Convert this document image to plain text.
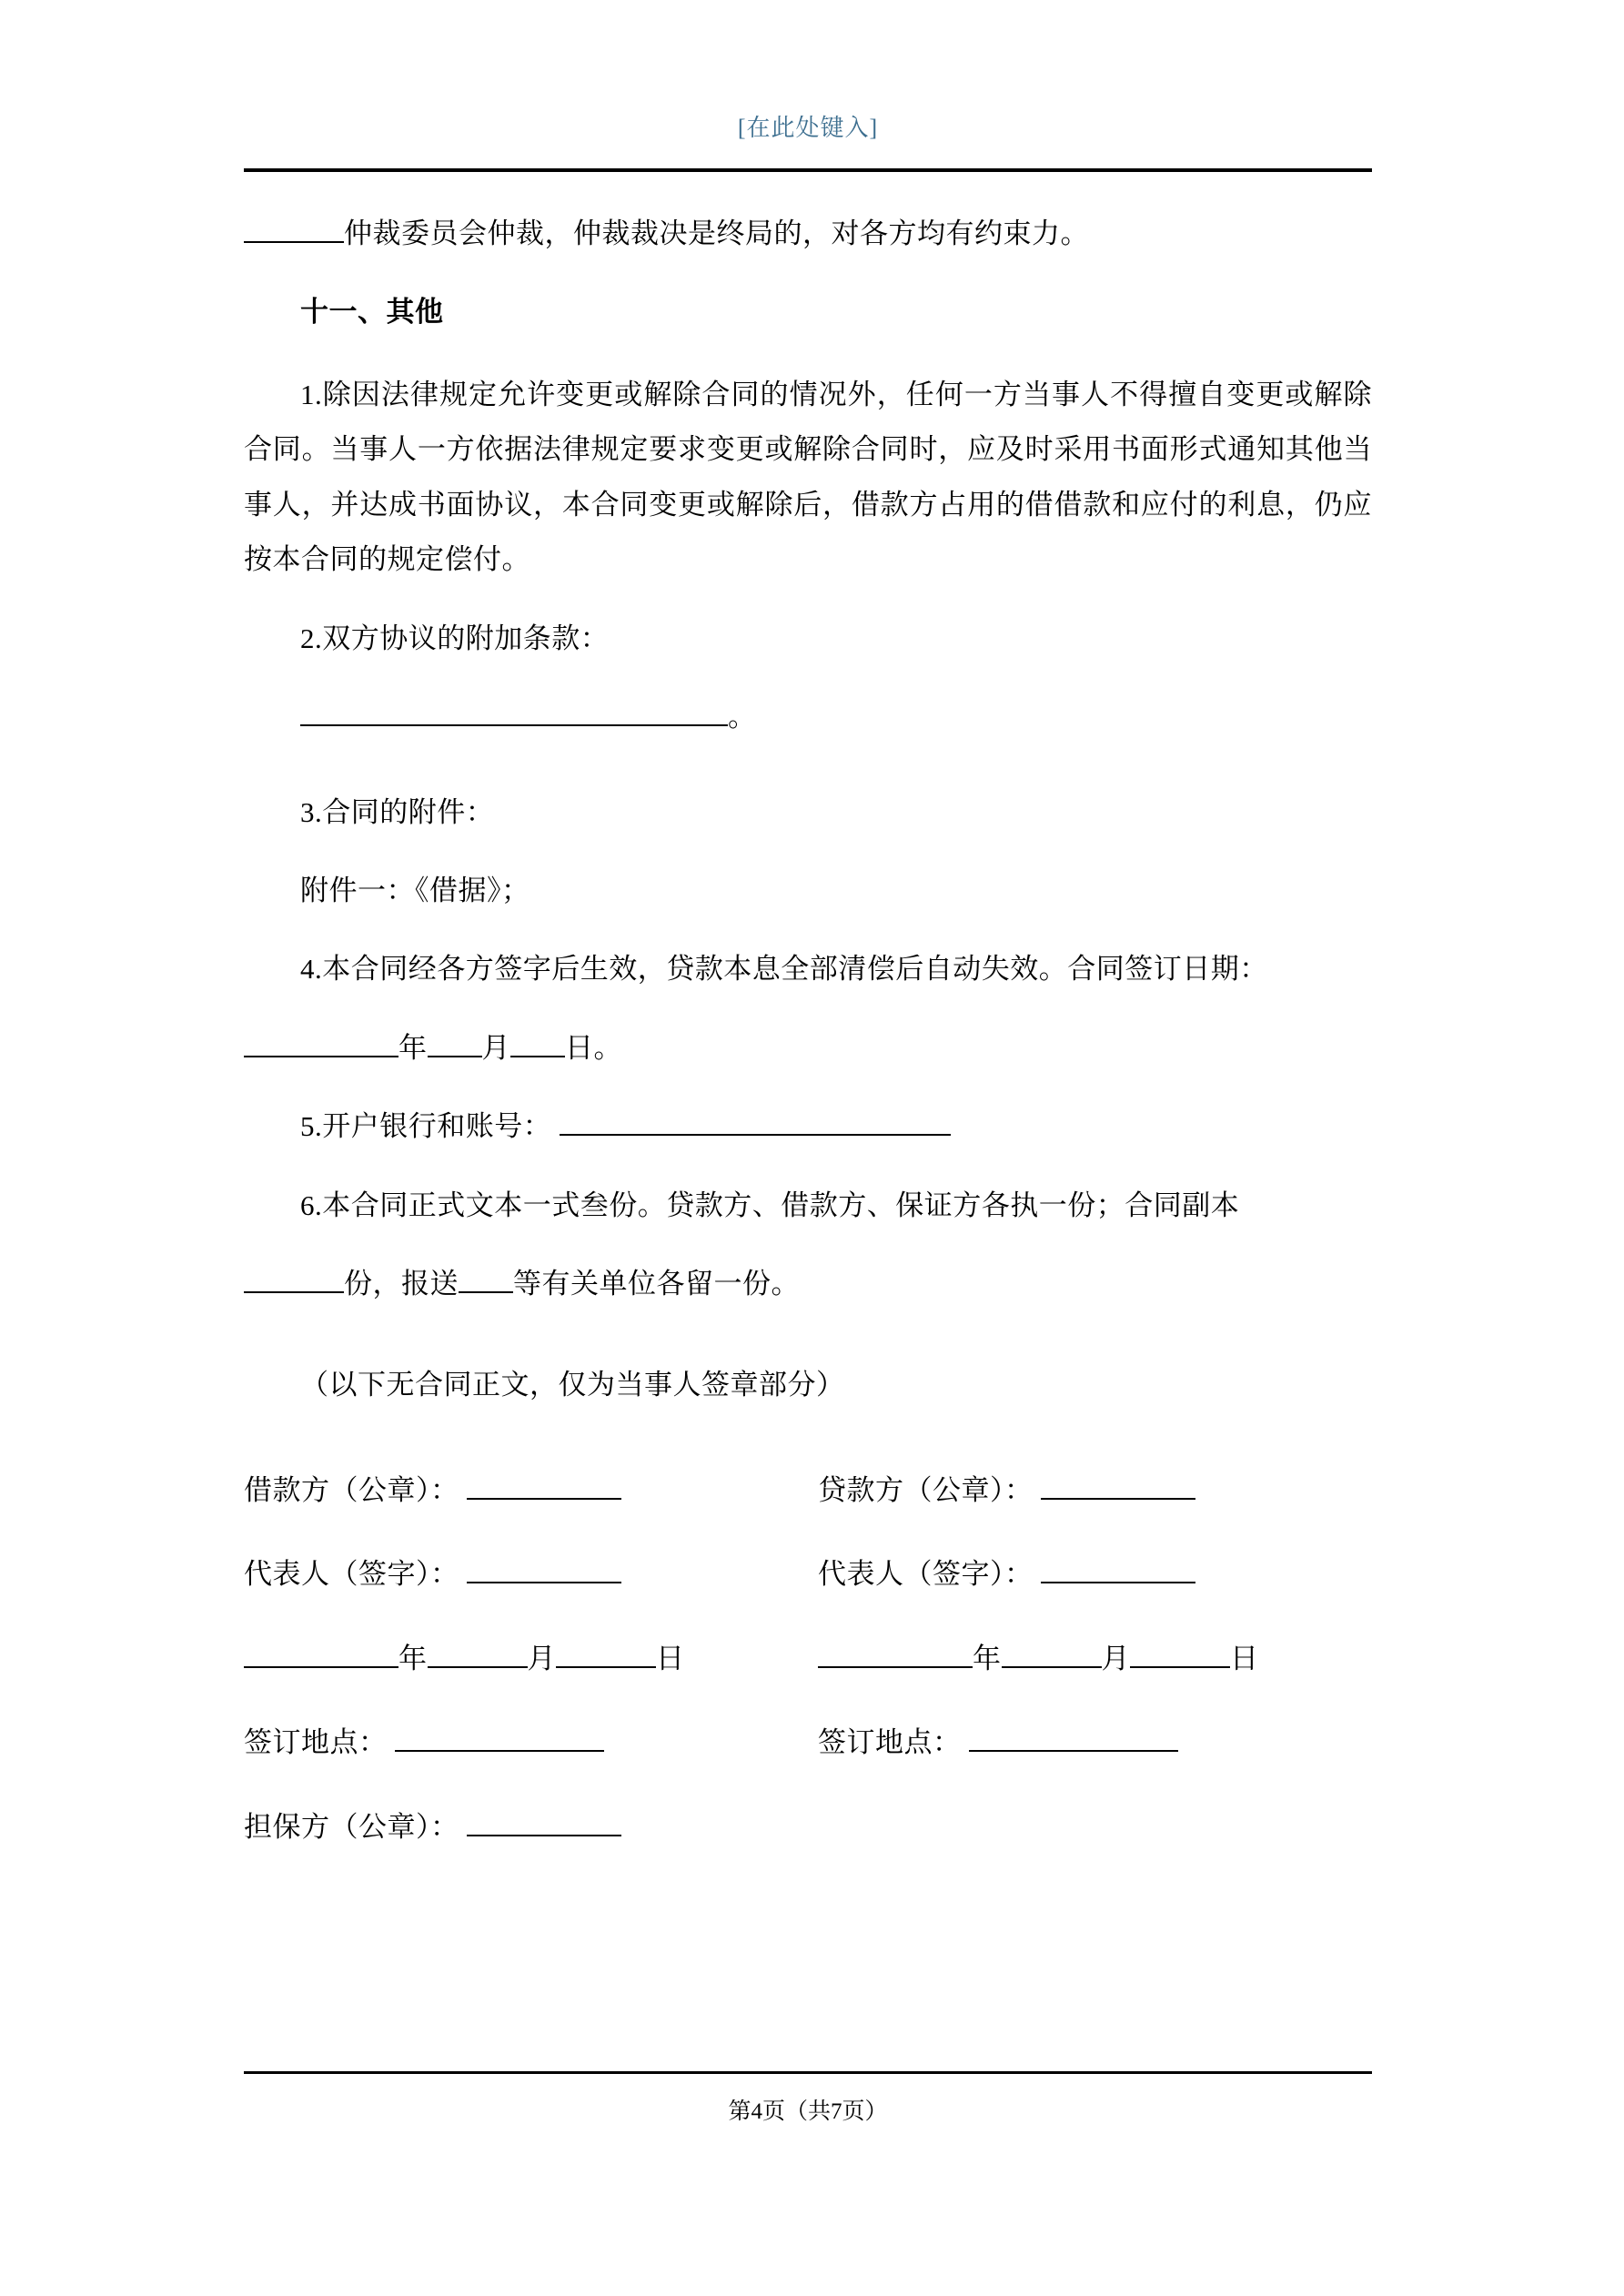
[在此处键入]

仲裁委员会仲裁，仲裁裁决是终局的，对各方均有约束力。

十一、其他

1.除因法律规定允许变更或解除合同的情况外，任何一方当事人不得擅自变更或解除合同。当事人一方依据法律规定要求变更或解除合同时，应及时采用书面形式通知其他当事人，并达成书面协议，本合同变更或解除后，借款方占用的借借款和应付的利息，仍应按本合同的规定偿付。

2.双方协议的附加条款：

。

3.合同的附件：

附件一：《借据》；

4.本合同经各方签字后生效，贷款本息全部清偿后自动失效。合同签订日期：

年 月 日。

5.开户银行和账号：

6.本合同正式文本一式叁份。贷款方、借款方、保证方各执一份；合同副本

份，报送 等有关单位各留一份。

（以下无合同正文，仅为当事人签章部分）

借款方（公章）：	贷款方（公章）：
代表人（签字）：	代表人（签字）：
年	月	日	年	月	日
签订地点：	签订地点：
担保方（公章）：
第4页（共7页）
